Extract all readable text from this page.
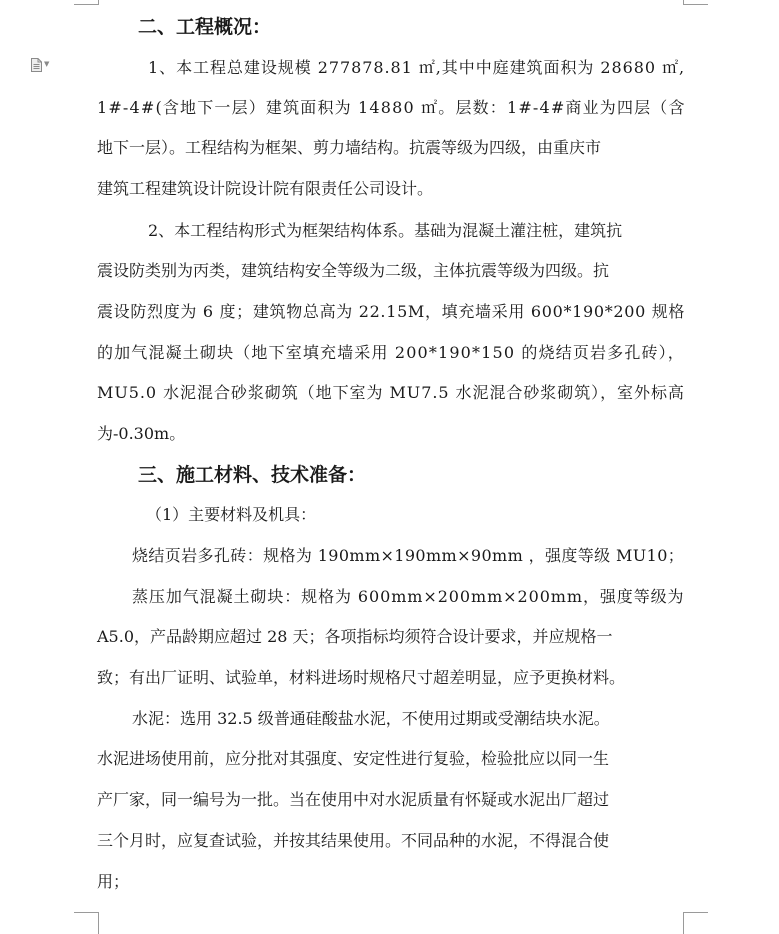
▼
二、工程概况：
1、本工程总建设规模 277878.81 ㎡,其中中庭建筑面积为 28680 ㎡,
1#-4#(含地下一层）建筑面积为 14880 ㎡。层数：1#-4#商业为四层（含
地下一层）。工程结构为框架、剪力墙结构。抗震等级为四级，由重庆市
建筑工程建筑设计院设计院有限责任公司设计。
2、本工程结构形式为框架结构体系。基础为混凝土灌注桩，建筑抗
震设防类别为丙类，建筑结构安全等级为二级，主体抗震等级为四级。抗
震设防烈度为 6 度；建筑物总高为 22.15M，填充墙采用 600*190*200 规格
的加气混凝土砌块（地下室填充墙采用 200*190*150 的烧结页岩多孔砖），
MU5.0 水泥混合砂浆砌筑（地下室为 MU7.5 水泥混合砂浆砌筑），室外标高
为-0.30m。
三、施工材料、技术准备：
（1）主要材料及机具：
烧结页岩多孔砖：规格为 190mm×190mm×90mm ，强度等级 MU10；
蒸压加气混凝土砌块：规格为 600mm×200mm×200mm，强度等级为
A5.0，产品龄期应超过 28 天；各项指标均须符合设计要求，并应规格一
致；有出厂证明、试验单，材料进场时规格尺寸超差明显，应予更换材料。
水泥：选用 32.5 级普通硅酸盐水泥，不使用过期或受潮结块水泥。
水泥进场使用前，应分批对其强度、安定性进行复验，检验批应以同一生
产厂家，同一编号为一批。当在使用中对水泥质量有怀疑或水泥出厂超过
三个月时，应复查试验，并按其结果使用。不同品种的水泥，不得混合使
用；
